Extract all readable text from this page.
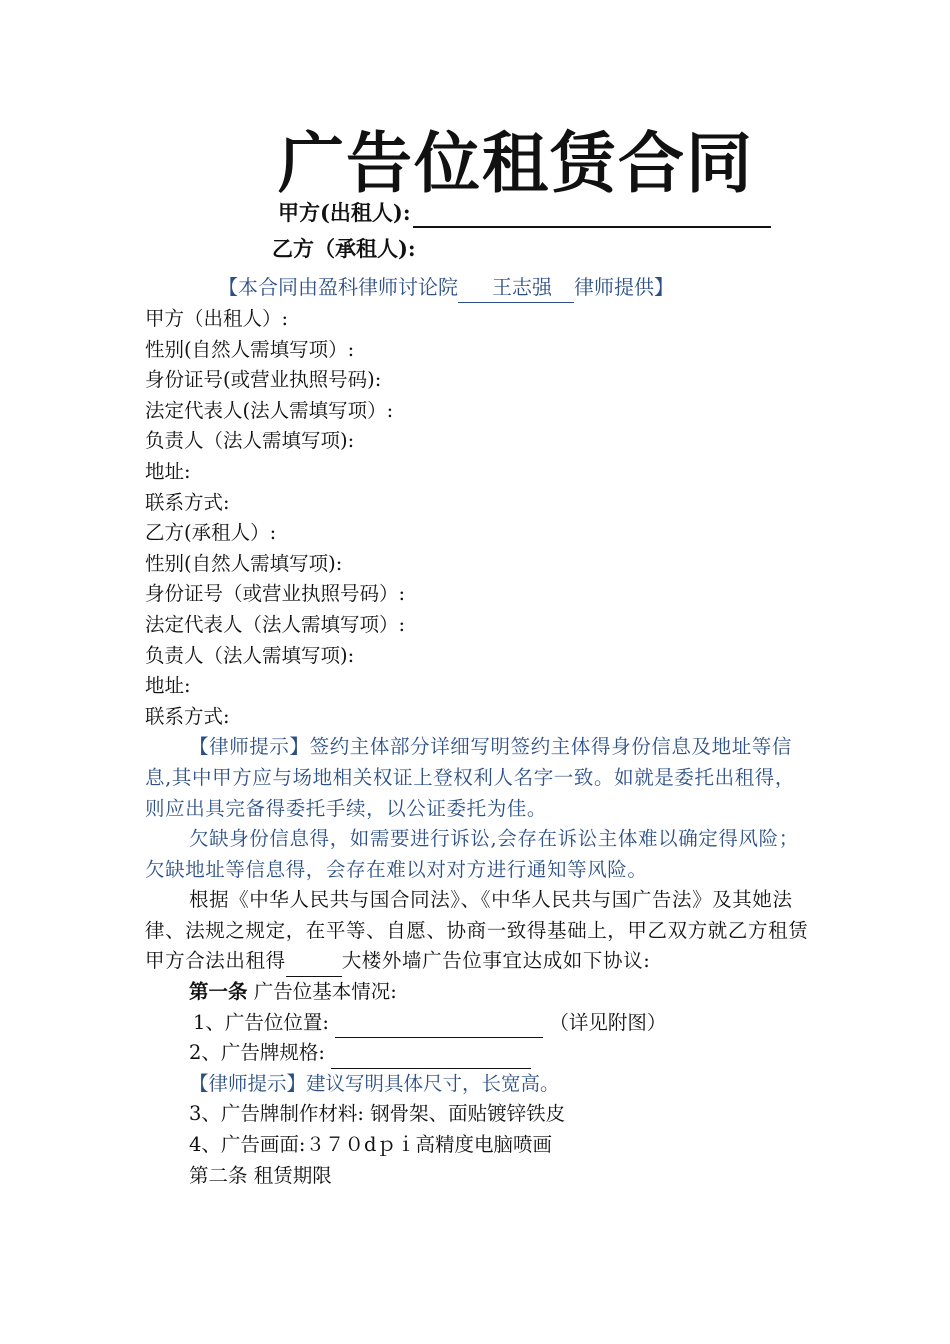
广告位租赁合同
甲方(出租人):
乙方（承租人):
【本合同由盈科律师讨论院 王志强 律师提供】
甲方（出租人）:
性别(自然人需填写项）:
身份证号(或营业执照号码):
法定代表人(法人需填写项）:
负责人（法人需填写项):
地址:
联系方式:
乙方(承租人）:
性别(自然人需填写项):
身份证号（或营业执照号码）:
法定代表人（法人需填写项）:
负责人（法人需填写项):
地址:
联系方式:
【律师提示】签约主体部分详细写明签约主体得身份信息及地址等信息,其中甲方应与场地相关权证上登权利人名字一致。如就是委托出租得，则应出具完备得委托手续，以公证委托为佳。
欠缺身份信息得，如需要进行诉讼,会存在诉讼主体难以确定得风险；欠缺地址等信息得，会存在难以对对方进行通知等风险。
根据《中华人民共与国合同法》、《中华人民共与国广告法》及其她法律、法规之规定，在平等、自愿、协商一致得基础上，甲乙双方就乙方租赁甲方合法出租得	大楼外墙广告位事宜达成如下协议:
第一条 广告位基本情况:
1、广告位位置:	（详见附图）
2、广告牌规格:
【律师提示】建议写明具体尺寸，长宽高。
3、广告牌制作材料: 钢骨架、面贴镀锌铁皮
4、广告画面:３７０dｐｉ高精度电脑喷画
第二条 租赁期限
